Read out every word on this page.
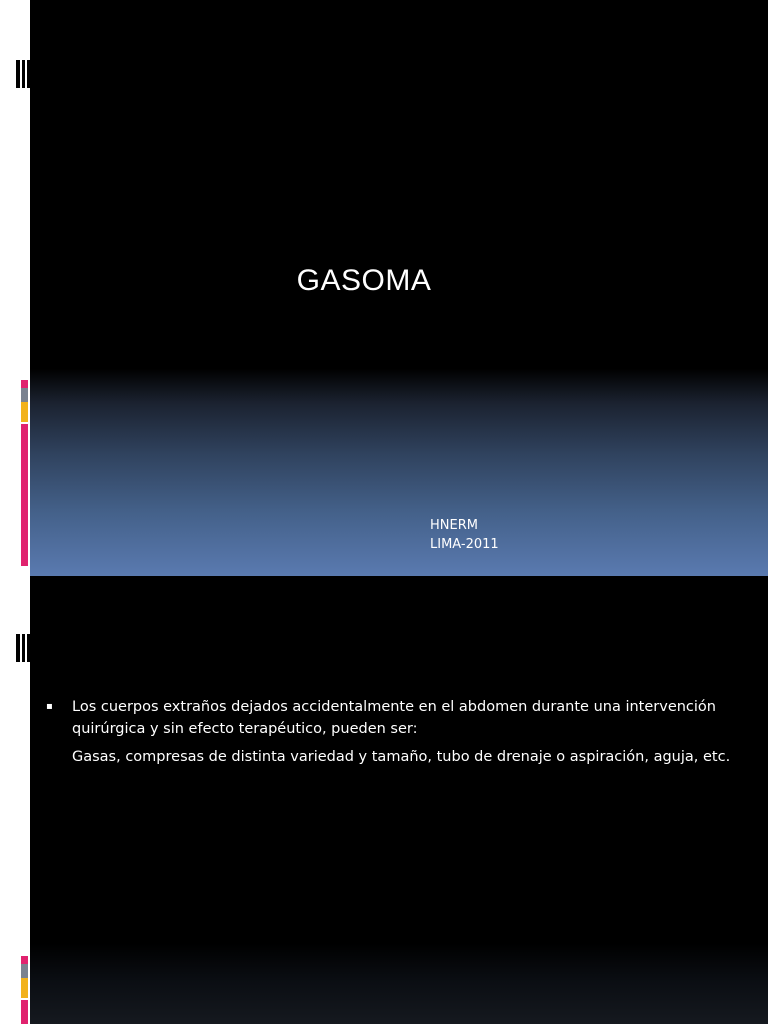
GASOMA
HNERM
LIMA-2011
▪	Los cuerpos extraños dejados accidentalmente en el abdomen durante una intervención quirúrgica y sin efecto terapéutico, pueden ser:
Gasas, compresas de distinta variedad y tamaño, tubo de drenaje o aspiración, aguja, etc.
